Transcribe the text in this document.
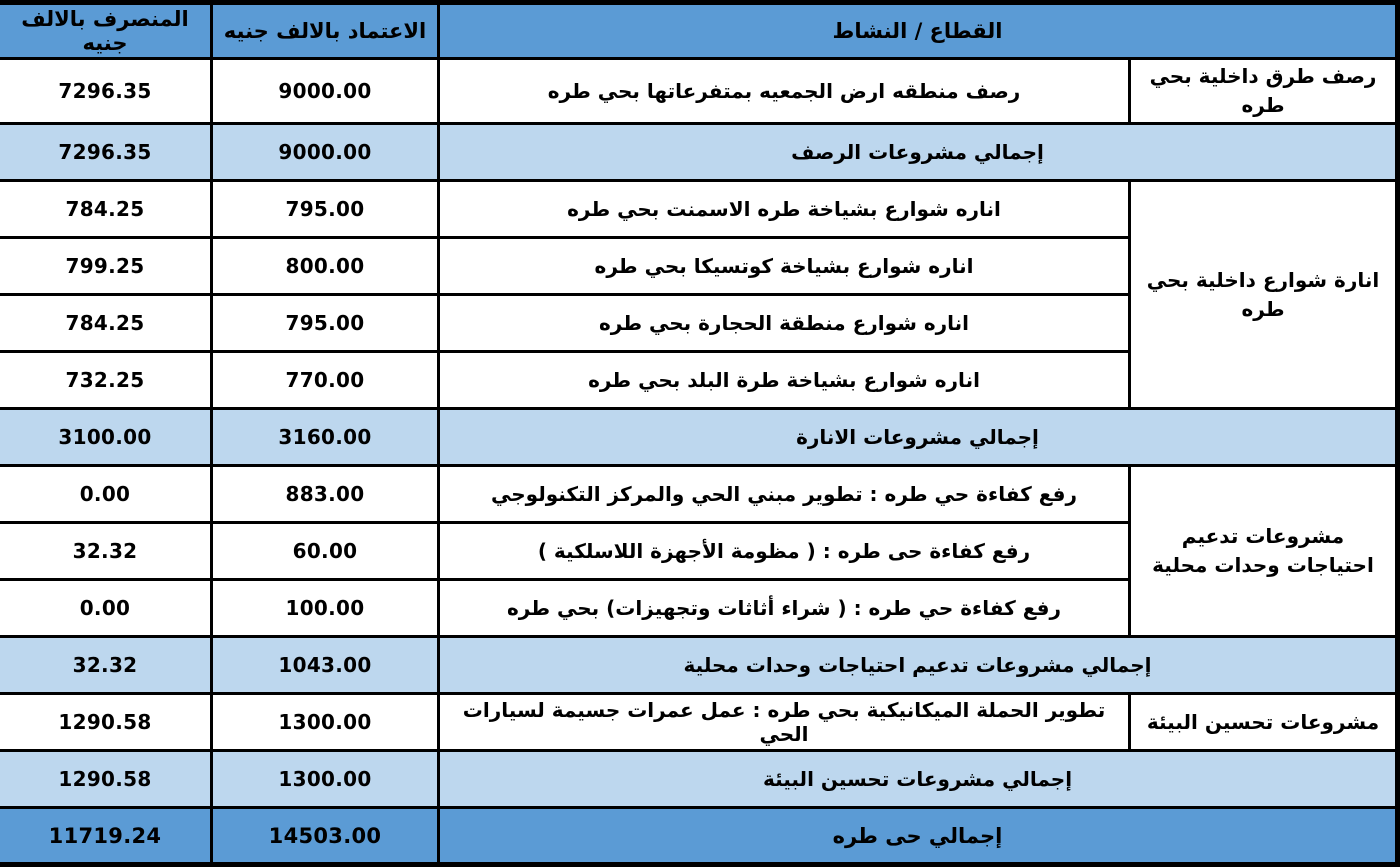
القطاع / النشاط		الاعتماد بالالف جنيه	المنصرف بالالف جنيه
رصف طرق داخلية بحي طره	رصف منطقه ارض الجمعيه بمتفرعاتها بحي طره	9000.00	7296.35
إجمالي مشروعات الرصف		9000.00	7296.35
انارة شوارع داخلية بحي طره	اناره شوارع بشياخة طره الاسمنت بحي طره	795.00	784.25
	اناره شوارع بشياخة كوتسيكا بحي طره	800.00	799.25
	اناره شوارع منطقة الحجارة بحي طره	795.00	784.25
	اناره شوارع بشياخة طرة البلد بحي طره	770.00	732.25
إجمالي مشروعات الانارة		3160.00	3100.00
مشروعات تدعيم احتياجات وحدات محلية	رفع كفاءة حي طره : تطوير مبني الحي والمركز التكنولوجي	883.00	0.00
	رفع كفاءة حى طره : ( مظومة الأجهزة اللاسلكية )	60.00	32.32
	رفع كفاءة حي طره : ( شراء أثاثات وتجهيزات) بحي طره	100.00	0.00
إجمالي مشروعات تدعيم احتياجات وحدات محلية		1043.00	32.32
مشروعات تحسين البيئة	تطوير الحملة الميكانيكية بحي طره : عمل عمرات جسيمة لسيارات الحي	1300.00	1290.58
إجمالي مشروعات تحسين البيئة		1300.00	1290.58
إجمالي حى طره		14503.00	11719.24
